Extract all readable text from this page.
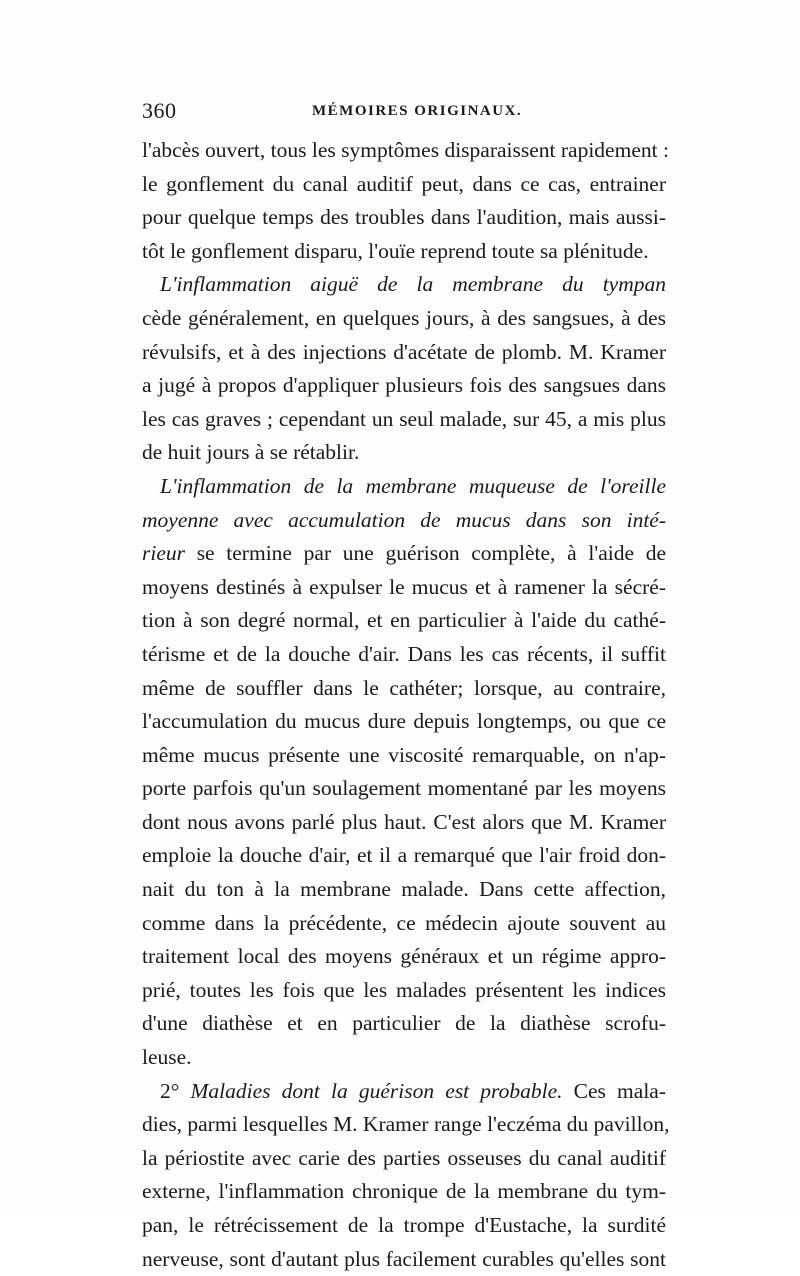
360	MÉMOIRES ORIGINAUX.
l'abcès ouvert, tous les symptômes disparaissent rapidement :
le gonflement du canal auditif peut, dans ce cas, entrainer
pour quelque temps des troubles dans l'audition, mais aussi-
tôt le gonflement disparu, l'ouïe reprend toute sa plénitude.
L'inflammation aiguë de la membrane du tympan
cède généralement, en quelques jours, à des sangsues, à des
révulsifs, et à des injections d'acétate de plomb. M. Kramer
a jugé à propos d'appliquer plusieurs fois des sangsues dans
les cas graves ; cependant un seul malade, sur 45, a mis plus
de huit jours à se rétablir.
L'inflammation de la membrane muqueuse de l'oreille
moyenne avec accumulation de mucus dans son inté-
rieur se termine par une guérison complète, à l'aide de
moyens destinés à expulser le mucus et à ramener la sécré-
tion à son degré normal, et en particulier à l'aide du cathé-
térisme et de la douche d'air. Dans les cas récents, il suffit
même de souffler dans le cathéter; lorsque, au contraire,
l'accumulation du mucus dure depuis longtemps, ou que ce
même mucus présente une viscosité remarquable, on n'ap-
porte parfois qu'un soulagement momentané par les moyens
dont nous avons parlé plus haut. C'est alors que M. Kramer
emploie la douche d'air, et il a remarqué que l'air froid don-
nait du ton à la membrane malade. Dans cette affection,
comme dans la précédente, ce médecin ajoute souvent au
traitement local des moyens généraux et un régime appro-
prié, toutes les fois que les malades présentent les indices
d'une diathèse et en particulier de la diathèse scrofu-
leuse.
2° Maladies dont la guérison est probable. Ces mala-
dies, parmi lesquelles M. Kramer range l'eczéma du pavillon,
la périostite avec carie des parties osseuses du canal auditif
externe, l'inflammation chronique de la membrane du tym-
pan, le rétrécissement de la trompe d'Eustache, la surdité
nerveuse, sont d'autant plus facilement curables qu'elles sont
